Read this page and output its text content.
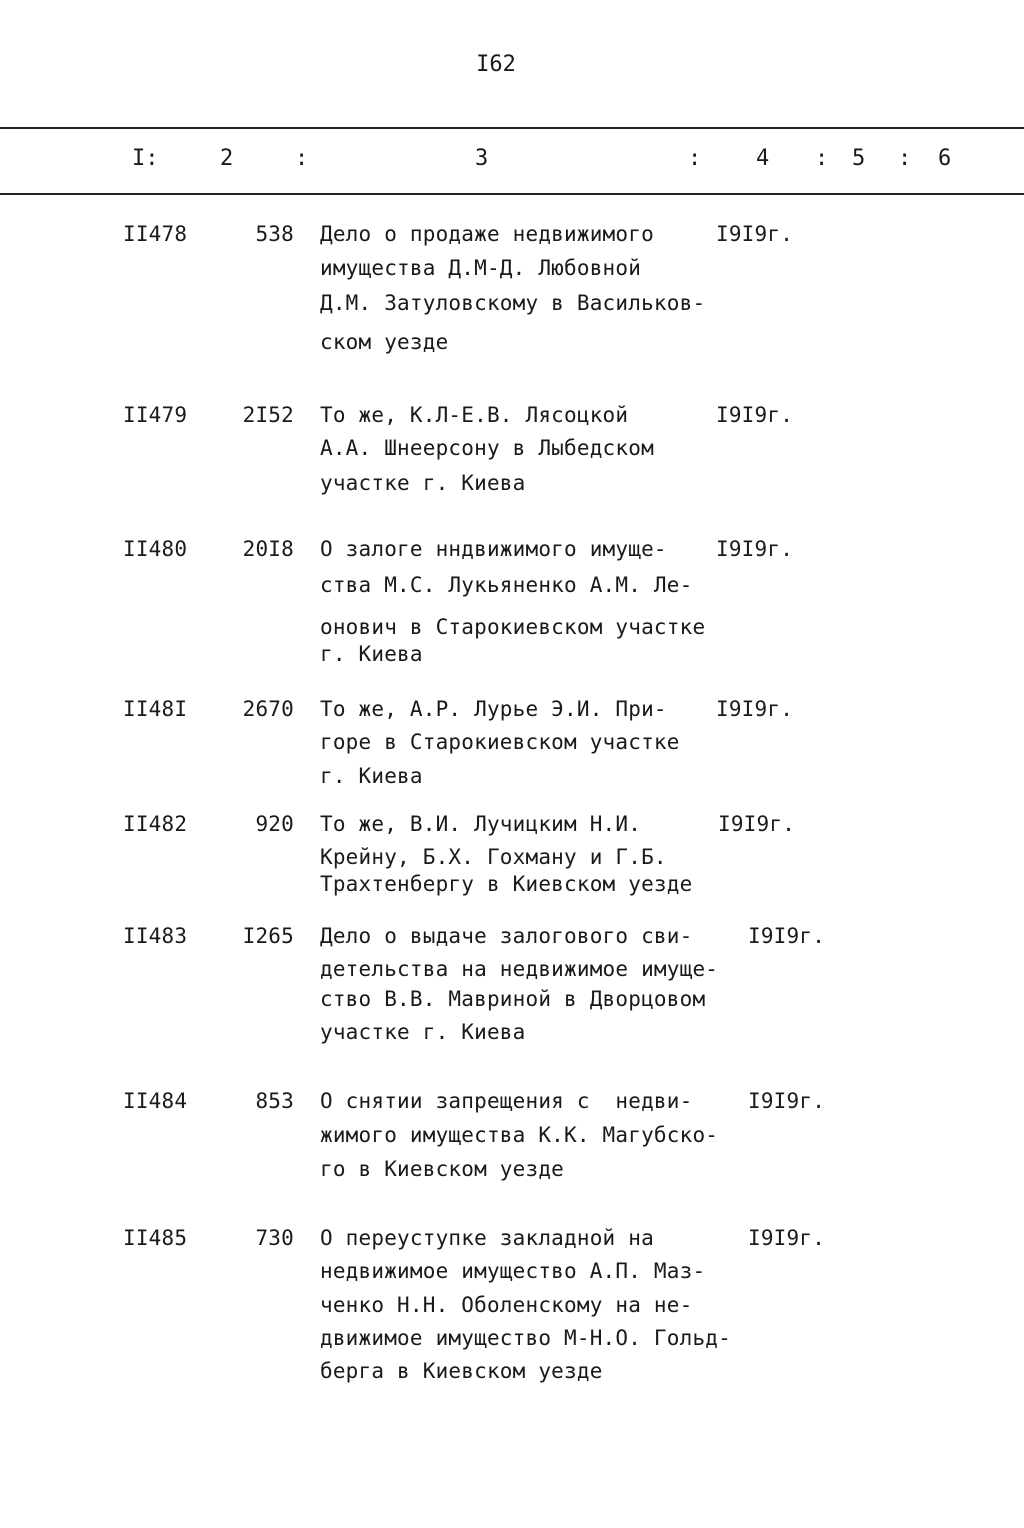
I62
I:	2	:	3	: 4 : 5 : 6
II478	538 Дело о продаже недвижимого
имущества Д.М-Д. Любовной
Д.М. Затуловскому в Васильков-
ском уезде
I9I9г.
II479	2I52 То же, К.Л-Е.В. Лясоцкой
А.А. Шнеерсону в Лыбедском
участке г. Киева
I9I9г.
II480	20I8 О залоге нндвижимого имуще-
ства М.С. Лукьяненко А.М. Ле-
онович в Старокиевском участке
г. Киева
I9I9г.
II48I	2670 То же, А.Р. Лурье Э.И. При-
горе в Старокиевском участке
г. Киева
I9I9г.
II482	920 То же, В.И. Лучицким Н.И.
Крейну, Б.Х. Гохману и Г.Б.
Трахтенбергу в Киевском уезде
I9I9г.
II483	I265 Дело о выдаче залогового сви-
детельства на недвижимое имуще-
ство В.В. Мавриной в Дворцовом
участке г. Киева
I9I9г.
II484	853 О снятии запрещения с  недви-
жимого имущества К.К. Магубско-
го в Киевском уезде
I9I9г.
II485	730 О переуступке закладной на
недвижимое имущество А.П. Маз-
ченко Н.Н. Оболенскому на не-
движимое имущество М-Н.О. Гольд-
берга в Киевском уезде
I9I9г.
